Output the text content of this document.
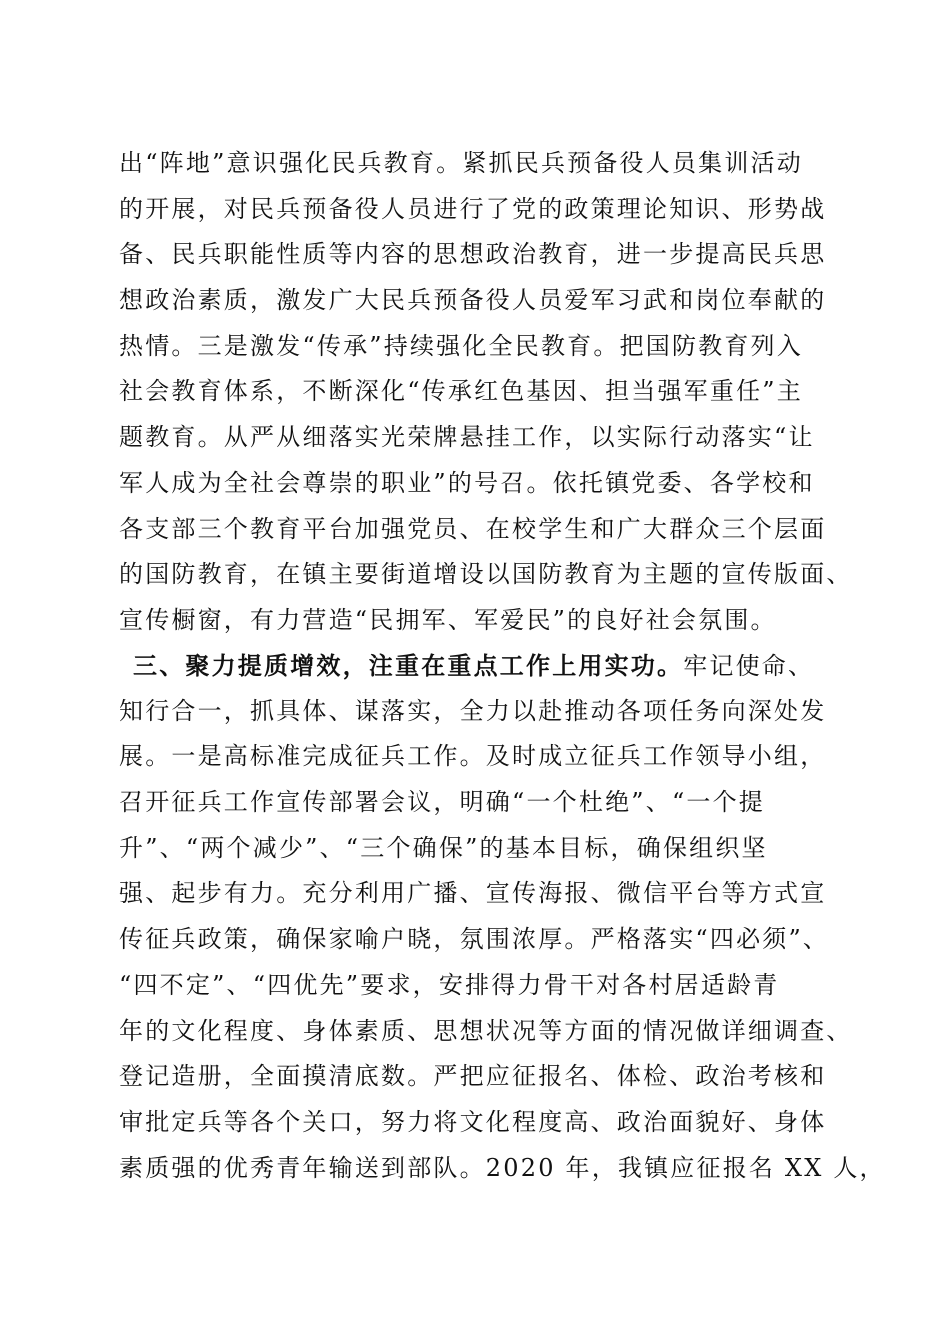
出“阵地”意识强化民兵教育。紧抓民兵预备役人员集训活动
的开展，对民兵预备役人员进行了党的政策理论知识、形势战
备、民兵职能性质等内容的思想政治教育，进一步提高民兵思
想政治素质，激发广大民兵预备役人员爱军习武和岗位奉献的
热情。三是激发“传承”持续强化全民教育。把国防教育列入
社会教育体系，不断深化“传承红色基因、担当强军重任”主
题教育。从严从细落实光荣牌悬挂工作，以实际行动落实“让
军人成为全社会尊崇的职业”的号召。依托镇党委、各学校和
各支部三个教育平台加强党员、在校学生和广大群众三个层面
的国防教育，在镇主要街道增设以国防教育为主题的宣传版面、
宣传橱窗，有力营造“民拥军、军爱民”的良好社会氛围。
三、聚力提质增效，注重在重点工作上用实功。牢记使命、
知行合一，抓具体、谋落实，全力以赴推动各项任务向深处发
展。一是高标准完成征兵工作。及时成立征兵工作领导小组，
召开征兵工作宣传部署会议，明确“一个杜绝”、“一个提
升”、“两个减少”、“三个确保”的基本目标，确保组织坚
强、起步有力。充分利用广播、宣传海报、微信平台等方式宣
传征兵政策，确保家喻户晓，氛围浓厚。严格落实“四必须”、
“四不定”、“四优先”要求，安排得力骨干对各村居适龄青
年的文化程度、身体素质、思想状况等方面的情况做详细调查、
登记造册，全面摸清底数。严把应征报名、体检、政治考核和
审批定兵等各个关口，努力将文化程度高、政治面貌好、身体
素质强的优秀青年输送到部队。2020 年，我镇应征报名 XX 人，
